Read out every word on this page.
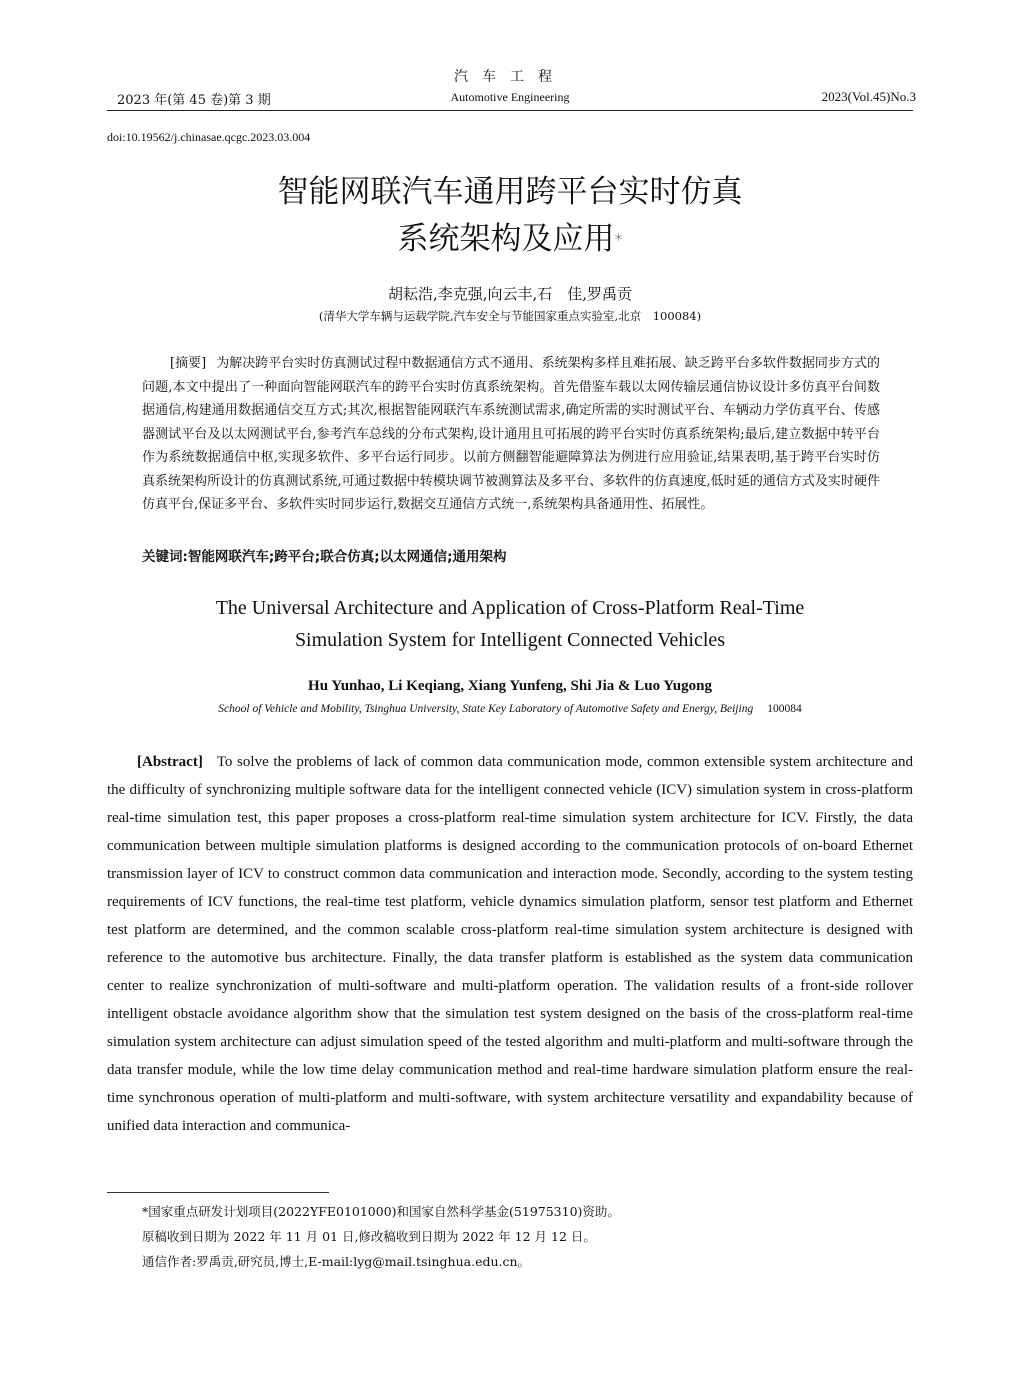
汽车工程
2023 年(第 45 卷)第 3 期	Automotive Engineering	2023(Vol.45)No.3
doi:10.19562/j.chinasae.qcgc.2023.03.004
智能网联汽车通用跨平台实时仿真
系统架构及应用*
胡耘浩,李克强,向云丰,石　佳,罗禹贡
(清华大学车辆与运载学院,汽车安全与节能国家重点实验室,北京　100084)
[摘要] 为解决跨平台实时仿真测试过程中数据通信方式不通用、系统架构多样且难拓展、缺乏跨平台多软件数据同步方式的问题,本文中提出了一种面向智能网联汽车的跨平台实时仿真系统架构。首先借鉴车载以太网传输层通信协议设计多仿真平台间数据通信,构建通用数据通信交互方式;其次,根据智能网联汽车系统测试需求,确定所需的实时测试平台、车辆动力学仿真平台、传感器测试平台及以太网测试平台,参考汽车总线的分布式架构,设计通用且可拓展的跨平台实时仿真系统架构;最后,建立数据中转平台作为系统数据通信中枢,实现多软件、多平台运行同步。以前方侧翻智能避障算法为例进行应用验证,结果表明,基于跨平台实时仿真系统架构所设计的仿真测试系统,可通过数据中转模块调节被测算法及多平台、多软件的仿真速度,低时延的通信方式及实时硬件仿真平台,保证多平台、多软件实时同步运行,数据交互通信方式统一,系统架构具备通用性、拓展性。
关键词:智能网联汽车;跨平台;联合仿真;以太网通信;通用架构
The Universal Architecture and Application of Cross-Platform Real-Time
Simulation System for Intelligent Connected Vehicles
Hu Yunhao, Li Keqiang, Xiang Yunfeng, Shi Jia & Luo Yugong
School of Vehicle and Mobility, Tsinghua University, State Key Laboratory of Automotive Safety and Energy, Beijing 100084
[Abstract] To solve the problems of lack of common data communication mode, common extensible system architecture and the difficulty of synchronizing multiple software data for the intelligent connected vehicle (ICV) simulation system in cross-platform real-time simulation test, this paper proposes a cross-platform real-time simulation system architecture for ICV. Firstly, the data communication between multiple simulation platforms is designed according to the communication protocols of on-board Ethernet transmission layer of ICV to construct common data communication and interaction mode. Secondly, according to the system testing requirements of ICV functions, the real-time test platform, vehicle dynamics simulation platform, sensor test platform and Ethernet test platform are determined, and the common scalable cross-platform real-time simulation system architecture is designed with reference to the automotive bus architecture. Finally, the data transfer platform is established as the system data communication center to realize synchronization of multi-software and multi-platform operation. The validation results of a front-side rollover intelligent obstacle avoidance algorithm show that the simulation test system designed on the basis of the cross-platform real-time simulation system architecture can adjust simulation speed of the tested algorithm and multi-platform and multi-software through the data transfer module, while the low time delay communication method and real-time hardware simulation platform ensure the real-time synchronous operation of multi-platform and multi-software, with system architecture versatility and expandability because of unified data interaction and communica-
*国家重点研发计划项目(2022YFE0101000)和国家自然科学基金(51975310)资助。
原稿收到日期为 2022 年 11 月 01 日,修改稿收到日期为 2022 年 12 月 12 日。
通信作者:罗禹贡,研究员,博士,E-mail:lyg@mail.tsinghua.edu.cn。
